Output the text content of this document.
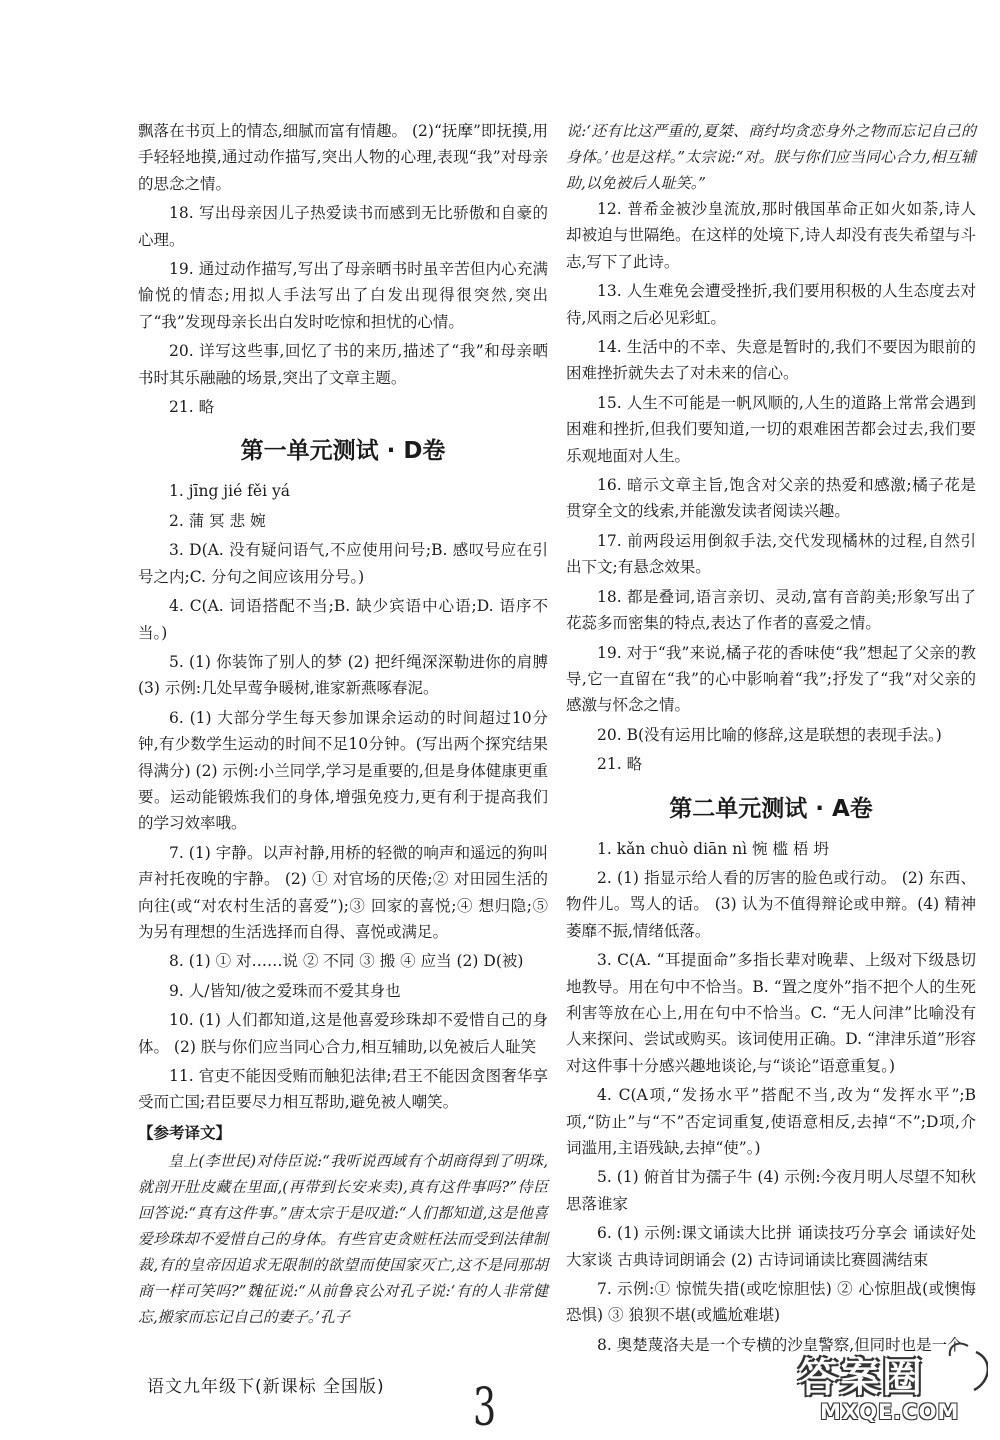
飘落在书页上的情态,细腻而富有情趣。 (2)“抚摩”即抚摸,用手轻轻地摸,通过动作描写,突出人物的心理,表现“我”对母亲的思念之情。

18. 写出母亲因儿子热爱读书而感到无比骄傲和自豪的心理。

19. 通过动作描写,写出了母亲晒书时虽辛苦但内心充满愉悦的情态;用拟人手法写出了白发出现得很突然,突出了“我”发现母亲长出白发时吃惊和担忧的心情。

20. 详写这些事,回忆了书的来历,描述了“我”和母亲晒书时其乐融融的场景,突出了文章主题。

21. 略

第一单元测试 · D卷

1. jīng jié fěi yá

2. 蒲 冥 悲 婉

3. D(A. 没有疑问语气,不应使用问号;B. 感叹号应在引号之内;C. 分句之间应该用分号。)

4. C(A. 词语搭配不当;B. 缺少宾语中心语;D. 语序不当。)

5. (1) 你装饰了别人的梦 (2) 把纤绳深深勒进你的肩膊 (3) 示例:几处早莺争暖树,谁家新燕啄春泥。

6. (1) 大部分学生每天参加课余运动的时间超过10分钟,有少数学生运动的时间不足10分钟。(写出两个探究结果得满分) (2) 示例:小兰同学,学习是重要的,但是身体健康更重要。运动能锻炼我们的身体,增强免疫力,更有利于提高我们的学习效率哦。

7. (1) 宇静。以声衬静,用桥的轻微的响声和遥远的狗叫声衬托夜晚的宇静。 (2) ① 对官场的厌倦;② 对田园生活的向往(或“对农村生活的喜爱”);③ 回家的喜悦;④ 想归隐;⑤ 为另有理想的生活选择而自得、喜悦或满足。

8. (1) ① 对……说 ② 不同 ③ 搬 ④ 应当 (2) D(被)

9. 人/皆知/彼之爱珠而不爱其身也

10. (1) 人们都知道,这是他喜爱珍珠却不爱惜自己的身体。 (2) 朕与你们应当同心合力,相互辅助,以免被后人耻笑

11. 官吏不能因受贿而触犯法律;君王不能因贪图奢华享受而亡国;君臣要尽力相互帮助,避免被人嘲笑。

【参考译文】

皇上(李世民)对侍臣说:“我听说西域有个胡商得到了明珠,就剖开肚皮藏在里面,(再带到长安来卖),真有这件事吗?”侍臣回答说:“真有这件事。”唐太宗于是叹道:“人们都知道,这是他喜爱珍珠却不爱惜自己的身体。有些官吏贪赃枉法而受到法律制裁,有的皇帝因追求无限制的欲望而使国家灭亡,这不是同那胡商一样可笑吗?”魏征说:“从前鲁哀公对孔子说:‘有的人非常健忘,搬家而忘记自己的妻子。’孔子

说:‘还有比这严重的,夏桀、商纣均贪恋身外之物而忘记自己的身体。’也是这样。”太宗说:“对。朕与你们应当同心合力,相互辅助,以免被后人耻笑。”

12. 普希金被沙皇流放,那时俄国革命正如火如荼,诗人却被迫与世隔绝。在这样的处境下,诗人却没有丧失希望与斗志,写下了此诗。

13. 人生难免会遭受挫折,我们要用积极的人生态度去对待,风雨之后必见彩虹。

14. 生活中的不幸、失意是暂时的,我们不要因为眼前的困难挫折就失去了对未来的信心。

15. 人生不可能是一帆风顺的,人生的道路上常常会遇到困难和挫折,但我们要知道,一切的艰难困苦都会过去,我们要乐观地面对人生。

16. 暗示文章主旨,饱含对父亲的热爱和感激;橘子花是贯穿全文的线索,并能激发读者阅读兴趣。

17. 前两段运用倒叙手法,交代发现橘林的过程,自然引出下文;有悬念效果。

18. 都是叠词,语言亲切、灵动,富有音韵美;形象写出了花蕊多而密集的特点,表达了作者的喜爱之情。

19. 对于“我”来说,橘子花的香味使“我”想起了父亲的教导,它一直留在“我”的心中影响着“我”;抒发了“我”对父亲的感激与怀念之情。

20. B(没有运用比喻的修辞,这是联想的表现手法。)

21. 略

第二单元测试 · A卷

1. kǎn chuò diān nì 惋 槛 梧 坍

2. (1) 指显示给人看的厉害的脸色或行动。 (2) 东西、物件儿。骂人的话。 (3) 认为不值得辩论或申辩。(4) 精神萎靡不振,情绪低落。

3. C(A. “耳提面命”多指长辈对晚辈、上级对下级恳切地教导。用在句中不恰当。B. “置之度外”指不把个人的生死利害等放在心上,用在句中不恰当。C. “无人问津”比喻没有人来探问、尝试或购买。该词使用正确。D. “津津乐道”形容对这件事十分感兴趣地谈论,与“谈论”语意重复。)

4. C(A项,“发扬水平”搭配不当,改为“发挥水平”;B项,“防止”与“不”否定词重复,使语意相反,去掉“不”;D项,介词滥用,主语残缺,去掉“使”。)

5. (1) 俯首甘为孺子牛 (4) 示例:今夜月明人尽望不知秋思落谁家

6. (1) 示例:课文诵读大比拼 诵读技巧分享会 诵读好处大家谈 古典诗词朗诵会 (2) 古诗词诵读比赛圆满结束

7. 示例:① 惊慌失措(或吃惊胆怯) ② 心惊胆战(或懊悔恐惧) ③ 狼狈不堪(或尴尬难堪)

8. 奥楚蔑洛夫是一个专横的沙皇警察,但同时也是一个

语文九年级下(新课标 全国版) 3	答案圈
MXQE.COM
